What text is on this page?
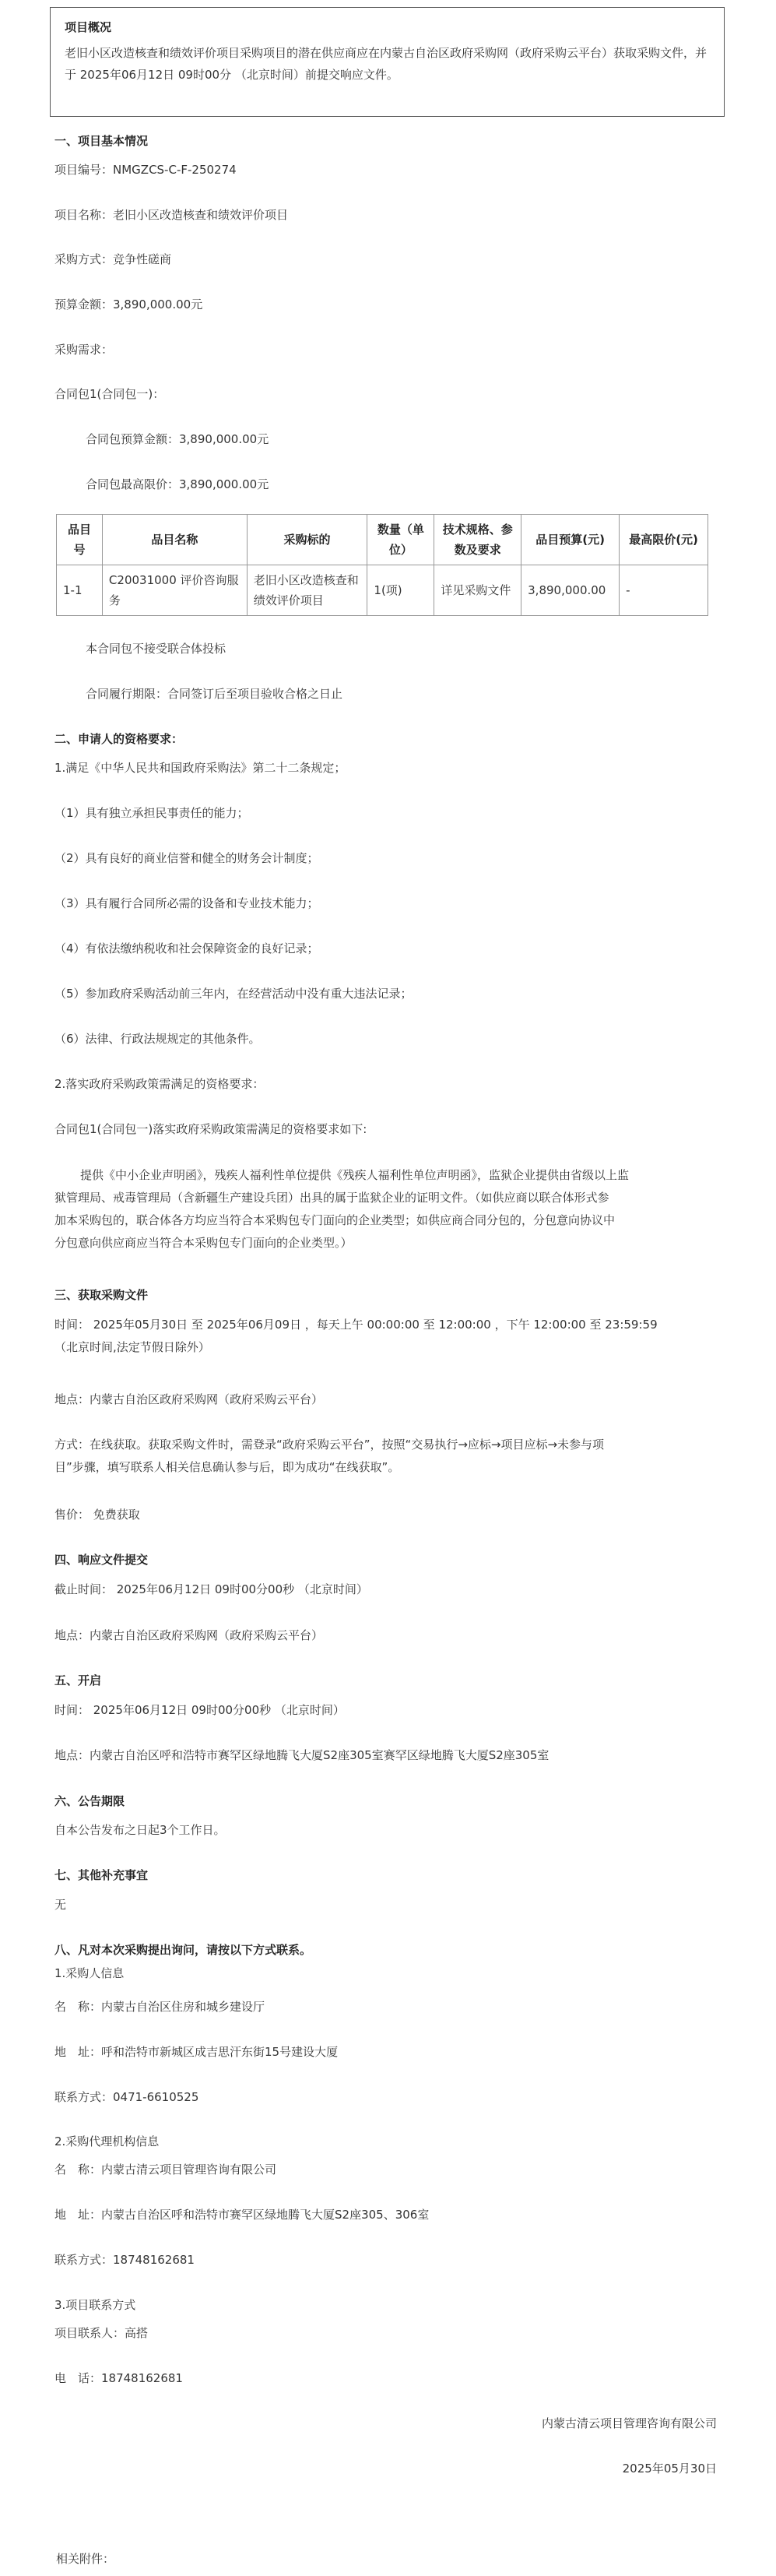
项目概况
老旧小区改造核查和绩效评价项目采购项目的潜在供应商应在内蒙古自治区政府采购网（政府采购云平台）获取采购文件，并于 2025年06月12日 09时00分 （北京时间）前提交响应文件。
一、项目基本情况
项目编号：NMGZCS-C-F-250274
项目名称：老旧小区改造核查和绩效评价项目
采购方式：竞争性磋商
预算金额：3,890,000.00元
采购需求：
合同包1(合同包一)：
合同包预算金额：3,890,000.00元
合同包最高限价：3,890,000.00元
品目号	品目名称	采购标的	数量（单位）	技术规格、参数及要求	品目预算(元)	最高限价(元)
1-1	C20031000 评价咨询服务	老旧小区改造核查和绩效评价项目	1(项)	详见采购文件	3,890,000.00	-
本合同包不接受联合体投标
合同履行期限：合同签订后至项目验收合格之日止
二、申请人的资格要求：
1.满足《中华人民共和国政府采购法》第二十二条规定；
（1）具有独立承担民事责任的能力；
（2）具有良好的商业信誉和健全的财务会计制度；
（3）具有履行合同所必需的设备和专业技术能力；
（4）有依法缴纳税收和社会保障资金的良好记录；
（5）参加政府采购活动前三年内，在经营活动中没有重大违法记录；
（6）法律、行政法规规定的其他条件。
2.落实政府采购政策需满足的资格要求：
合同包1(合同包一)落实政府采购政策需满足的资格要求如下:
提供《中小企业声明函》，残疾人福利性单位提供《残疾人福利性单位声明函》，监狱企业提供由省级以上监
狱管理局、戒毒管理局（含新疆生产建设兵团）出具的属于监狱企业的证明文件。（如供应商以联合体形式参
加本采购包的，联合体各方均应当符合本采购包专门面向的企业类型；如供应商合同分包的，分包意向协议中
分包意向供应商应当符合本采购包专门面向的企业类型。）
三、获取采购文件
时间： 2025年05月30日 至 2025年06月09日 ，每天上午 00:00:00 至 12:00:00 ，下午 12:00:00 至 23:59:59
（北京时间,法定节假日除外）
地点：内蒙古自治区政府采购网（政府采购云平台）
方式：在线获取。获取采购文件时，需登录“政府采购云平台”，按照“交易执行→应标→项目应标→未参与项
目”步骤，填写联系人相关信息确认参与后，即为成功“在线获取”。
售价： 免费获取
四、响应文件提交
截止时间： 2025年06月12日 09时00分00秒 （北京时间）
地点：内蒙古自治区政府采购网（政府采购云平台）
五、开启
时间： 2025年06月12日 09时00分00秒 （北京时间）
地点：内蒙古自治区呼和浩特市赛罕区绿地腾飞大厦S2座305室赛罕区绿地腾飞大厦S2座305室
六、公告期限
自本公告发布之日起3个工作日。
七、其他补充事宜
无
八、凡对本次采购提出询问，请按以下方式联系。
1.采购人信息
名　称：内蒙古自治区住房和城乡建设厅
地　址：呼和浩特市新城区成吉思汗东街15号建设大厦
联系方式：0471-6610525
2.采购代理机构信息
名　称：内蒙古清云项目管理咨询有限公司
地　址：内蒙古自治区呼和浩特市赛罕区绿地腾飞大厦S2座305、306室
联系方式：18748162681
3.项目联系方式
项目联系人：高搭
电　话：18748162681
内蒙古清云项目管理咨询有限公司
2025年05月30日
相关附件：
